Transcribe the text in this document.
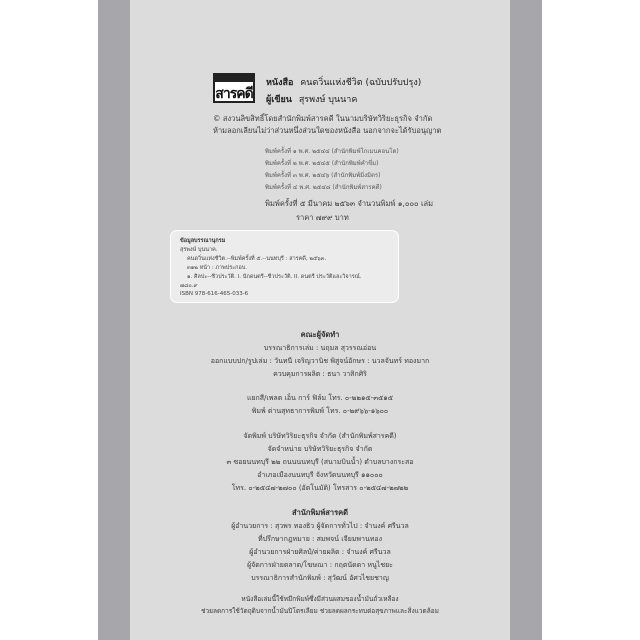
สารคดี
หนังสือ คนดวิ่นแห่งชีวิต (ฉบับปรับปรุง)
ผู้เขียน สุรพงษ์ บุนนาค
© สงวนลิขสิทธิ์โดยสำนักพิมพ์สารคดี ในนามบริษัทวิริยะธุรกิจ จำกัด
ห้ามลอกเลียนไม่ว่าส่วนหนึ่งส่วนใดของหนังสือ นอกจากจะได้รับอนุญาต
พิมพ์ครั้งที่ ๑ พ.ศ. ๒๕๔๔ (สำนักพิมพ์โกเมนคอนโด)
พิมพ์ครั้งที่ ๒ พ.ศ. ๒๕๔๕ (สำนักพิมพ์คำขี่ม)
พิมพ์ครั้งที่ ๓ พ.ศ. ๒๕๔๖ (สำนักพิมพ์มิ่งมิตร)
พิมพ์ครั้งที่ ๔ พ.ศ. ๒๕๔๘ (สำนักพิมพ์สารคดี)
พิมพ์ครั้งที่ ๕ มีนาคม ๒๕๖๓ จำนวนพิมพ์ ๑,๐๐๐ เล่ม
ราคา ๗๙๙ บาท
ข้อมูลบรรณานุกรม
สุรพงษ์ บุนนาค.
คนดวิ่นแห่งชีวิต.--พิมพ์ครั้งที่ ๕.--นนทบุรี : สารคดี, ๒๕๖๓.
๓๑๒ หน้า : ภาพประกอบ.
๑. ศิลปะ--ชีวประวัติ. I. นักดนตรี--ชีวประวัติ. II. ดนตรี ประวัติและวิจารณ์.
๗๘๐.๙
ISBN 978-616-465-033-6
คณะผู้จัดทำ
บรรณาธิการเล่ม : นฤมล สุวรรณอ่อน
ออกแบบปก/รูปเล่ม : วันทนี เจริญวานิช พิสูจน์อักษร : นวลจันทร์ ทองมาก
ควบคุมการผลิต : ธนา วาสิกศิริ
แยกสี/เพลต เอ็น การ์ ฟิล์ม โทร. ๐-๒๒๑๕-๓๕๑๕
พิมพ์ ด่านสุทธาการพิมพ์ โทร. ๐-๒๙๖๖-๑๖๐๐
จัดพิมพ์ บริษัทวิริยะธุรกิจ จำกัด (สำนักพิมพ์สารคดี)
จัดจำหน่าย บริษัทวิริยะธุรกิจ จำกัด
๓ ซอยนนทบุรี ๒๒ ถนนนนทบุรี (สนามบินน้ำ) ตำบลบางกระสอ
อำเภอเมืองนนทบุรี จังหวัดนนทบุรี ๑๑๐๐๐
โทร. ๐-๒๕๔๗-๒๗๐๐ (อัตโนมัติ) โทรสาร ๐-๒๕๔๗-๒๗๒๒
สำนักพิมพ์สารคดี
ผู้อำนวยการ : สุวพร ทองธิว ผู้จัดการทั่วไป : จำนงค์ ศรีนวล
ที่ปรึกษากฎหมาย : สมพจน์ เจียมพานทอง
ผู้อำนวยการฝ่ายศิลป์/ค่ายผลิต : จำนงค์ ศรีนวล
ผู้จัดการฝ่ายตลาด/โฆษณา : กฤตนัดดา หนูไชยะ
บรรณาธิการสำนักพิมพ์ : สุวัฒน์ อัศวไชยชาญ
หนังสือเล่มนี้ใช้หมึกพิมพ์ซึ่งมีส่วนผสมของน้ำมันถั่วเหลือง
ช่วยลดการใช้วัตถุดิบจากน้ำมันปิโตรเลียม ช่วยลดผลกระทบต่อสุขภาพและสิ่งแวดล้อม
